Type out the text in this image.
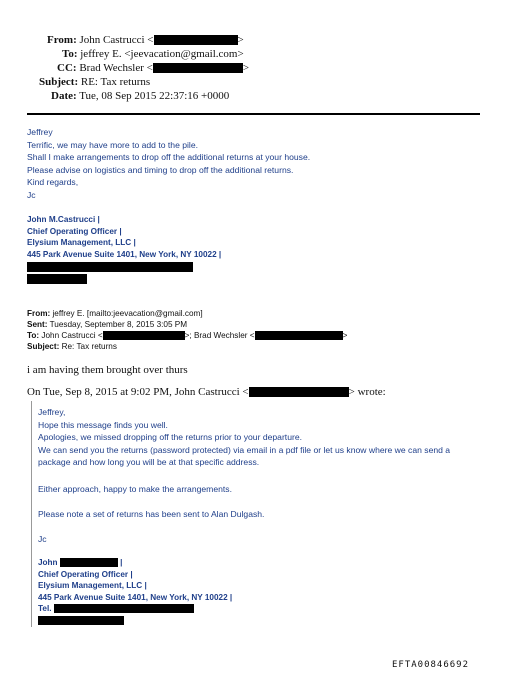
From: John Castrucci <	>
To: jeffrey E. <jeevacation@gmail.com>
CC: Brad Wechsler <	>
Subject: RE: Tax returns
Date: Tue, 08 Sep 2015 22:37:16 +0000
Jeffrey
Terrific, we may have more to add to the pile.
Shall I make arrangements to drop off the additional returns at your house.
Please advise on logistics and timing to drop off the additional returns.
Kind regards,
Jc
John M.Castrucci |
Chief Operating Officer |
Elysium Management, LLC |
445 Park Avenue Suite 1401, New York, NY 10022 |
From: jeffrey E. [mailto:jeevacation@gmail.com]
Sent: Tuesday, September 8, 2015 3:05 PM
To: John Castrucci <	>; Brad Wechsler <	>
Subject: Re: Tax returns
i am having them brought over thurs
On Tue, Sep 8, 2015 at 9:02 PM, John Castrucci <	> wrote:
Jeffrey,
Hope this message finds you well.
Apologies, we missed dropping off the returns prior to your departure.
We can send you the returns (password protected) via email in a pdf file or let us know where we can send a
package and how long you will be at that specific address.
Either approach, happy to make the arrangements.
Please note a set of returns has been sent to Alan Dulgash.
Jc
John	|
Chief Operating Officer |
Elysium Management, LLC |
445 Park Avenue Suite 1401, New York, NY 10022 |
Tel.
EFTA00846692
